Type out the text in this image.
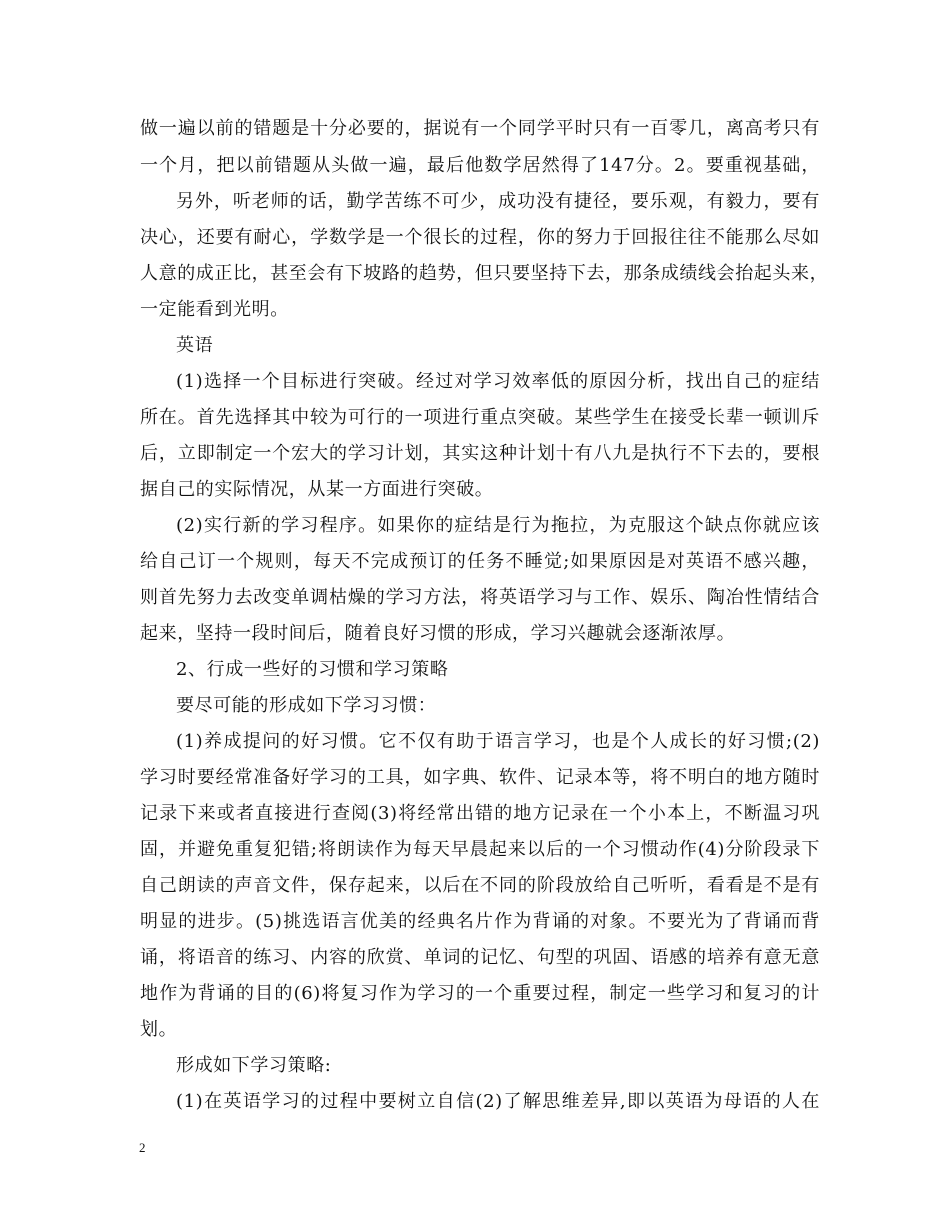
做一遍以前的错题是十分必要的，据说有一个同学平时只有一百零几，离高考只有
一个月，把以前错题从头做一遍，最后他数学居然得了147分。2。要重视基础，
另外，听老师的话，勤学苦练不可少，成功没有捷径，要乐观，有毅力，要有
决心，还要有耐心，学数学是一个很长的过程，你的努力于回报往往不能那么尽如
人意的成正比，甚至会有下坡路的趋势，但只要坚持下去，那条成绩线会抬起头来，
一定能看到光明。
英语
(1)选择一个目标进行突破。经过对学习效率低的原因分析，找出自己的症结
所在。首先选择其中较为可行的一项进行重点突破。某些学生在接受长辈一顿训斥
后，立即制定一个宏大的学习计划，其实这种计划十有八九是执行不下去的，要根
据自己的实际情况，从某一方面进行突破。
(2)实行新的学习程序。如果你的症结是行为拖拉，为克服这个缺点你就应该
给自己订一个规则，每天不完成预订的任务不睡觉;如果原因是对英语不感兴趣，
则首先努力去改变单调枯燥的学习方法，将英语学习与工作、娱乐、陶冶性情结合
起来，坚持一段时间后，随着良好习惯的形成，学习兴趣就会逐渐浓厚。
2、行成一些好的习惯和学习策略
要尽可能的形成如下学习习惯：
(1)养成提问的好习惯。它不仅有助于语言学习，也是个人成长的好习惯;(2)
学习时要经常准备好学习的工具，如字典、软件、记录本等，将不明白的地方随时
记录下来或者直接进行查阅(3)将经常出错的地方记录在一个小本上，不断温习巩
固，并避免重复犯错;将朗读作为每天早晨起来以后的一个习惯动作(4)分阶段录下
自己朗读的声音文件，保存起来，以后在不同的阶段放给自己听听，看看是不是有
明显的进步。(5)挑选语言优美的经典名片作为背诵的对象。不要光为了背诵而背
诵，将语音的练习、内容的欣赏、单词的记忆、句型的巩固、语感的培养有意无意
地作为背诵的目的(6)将复习作为学习的一个重要过程，制定一些学习和复习的计
划。
形成如下学习策略:
(1)在英语学习的过程中要树立自信(2)了解思维差异,即以英语为母语的人在
2
